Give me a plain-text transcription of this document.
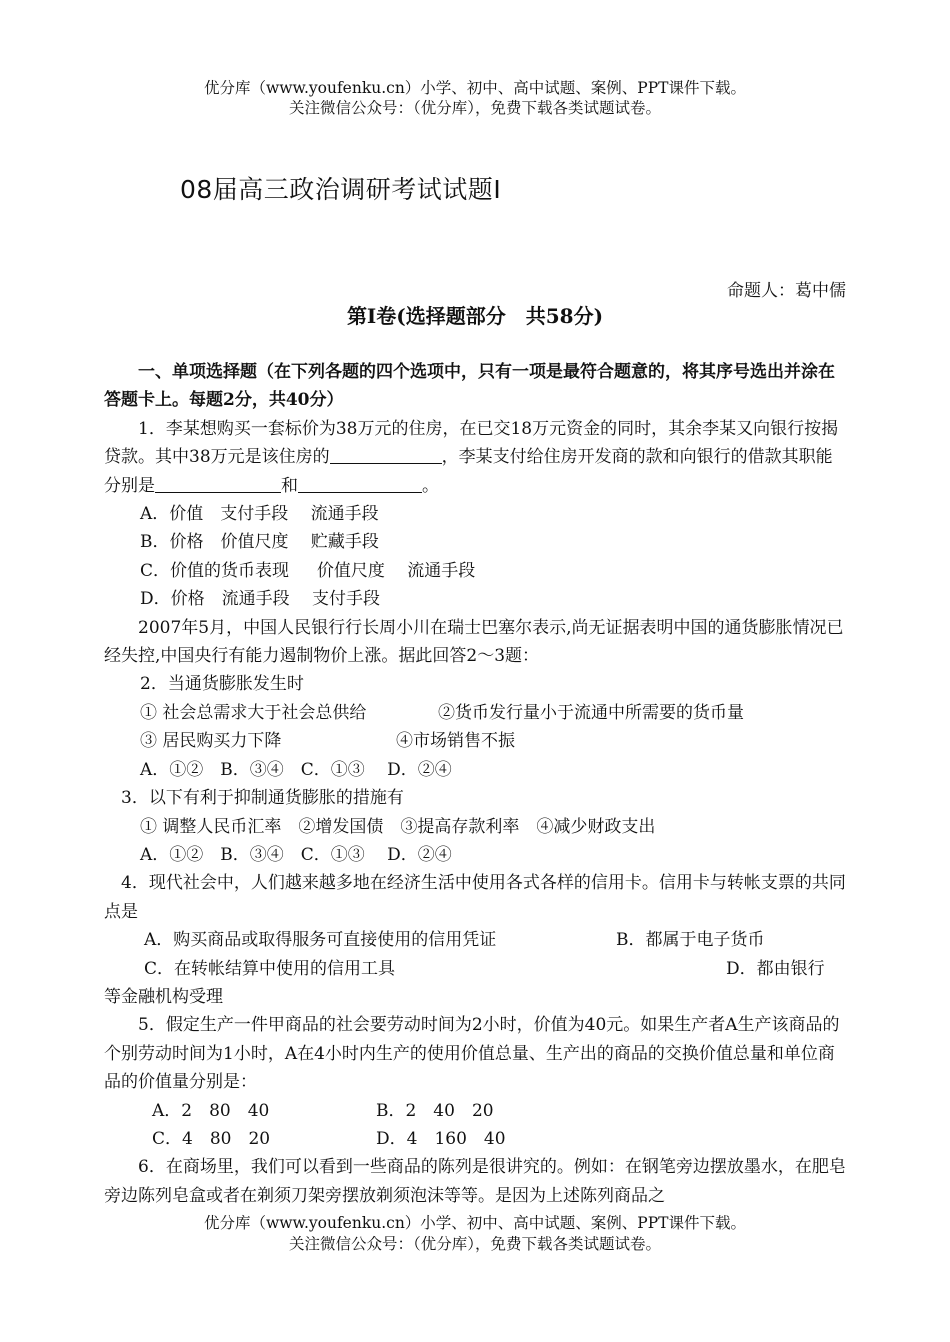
优分库（www.youfenku.cn）小学、初中、高中试题、案例、PPT课件下载。
关注微信公众号：（优分库），免费下载各类试题试卷。
08届高三政治调研考试试题Ⅰ
命题人：葛中儒
第Ⅰ卷(选择题部分　共58分)

一、单项选择题（在下列各题的四个选项中，只有一项是最符合题意的，将其序号选出并涂在答题卡上。每题2分，共40分）

1．李某想购买一套标价为38万元的住房，在已交18万元资金的同时，其余李某又向银行按揭贷款。其中38万元是该住房的	，李某支付给住房开发商的款和向银行的借款其职能分别是	和	。

A．价值　支付手段　 流通手段

B．价格　价值尺度　 贮藏手段

C．价值的货币表现　  价值尺度　 流通手段

D．价格　流通手段　 支付手段

2007年5月，中国人民银行行长周小川在瑞士巴塞尔表示,尚无证据表明中国的通货膨胀情况已经失控,中国央行有能力遏制物价上涨。据此回答2～3题：

2．当通货膨胀发生时

① 社会总需求大于社会总供给	②货币发行量小于流通中所需要的货币量

③ 居民购买力下降	④市场销售不振

A．①②　B．③④　C．①③　 D．②④

3．以下有利于抑制通货膨胀的措施有

① 调整人民币汇率　②增发国债　③提高存款利率　④减少财政支出

A．①②　B．③④　C．①③　 D．②④

4．现代社会中，人们越来越多地在经济生活中使用各式各样的信用卡。信用卡与转帐支票的共同点是

A．购买商品或取得服务可直接使用的信用凭证	B．都属于电子货币

C．在转帐结算中使用的信用工具	D．都由银行

等金融机构受理

5．假定生产一件甲商品的社会要劳动时间为2小时，价值为40元。如果生产者A生产该商品的个别劳动时间为1小时，A在4小时内生产的使用价值总量、生产出的商品的交换价值总量和单位商品的价值量分别是：

A．2　80　40	B．2　40　20

C．4　80　20	D．4　160　40

6．在商场里，我们可以看到一些商品的陈列是很讲究的。例如：在钢笔旁边摆放墨水，在肥皂旁边陈列皂盒或者在剃须刀架旁摆放剃须泡沫等等。是因为上述陈列商品之

优分库（www.youfenku.cn）小学、初中、高中试题、案例、PPT课件下载。
关注微信公众号：（优分库），免费下载各类试题试卷。
